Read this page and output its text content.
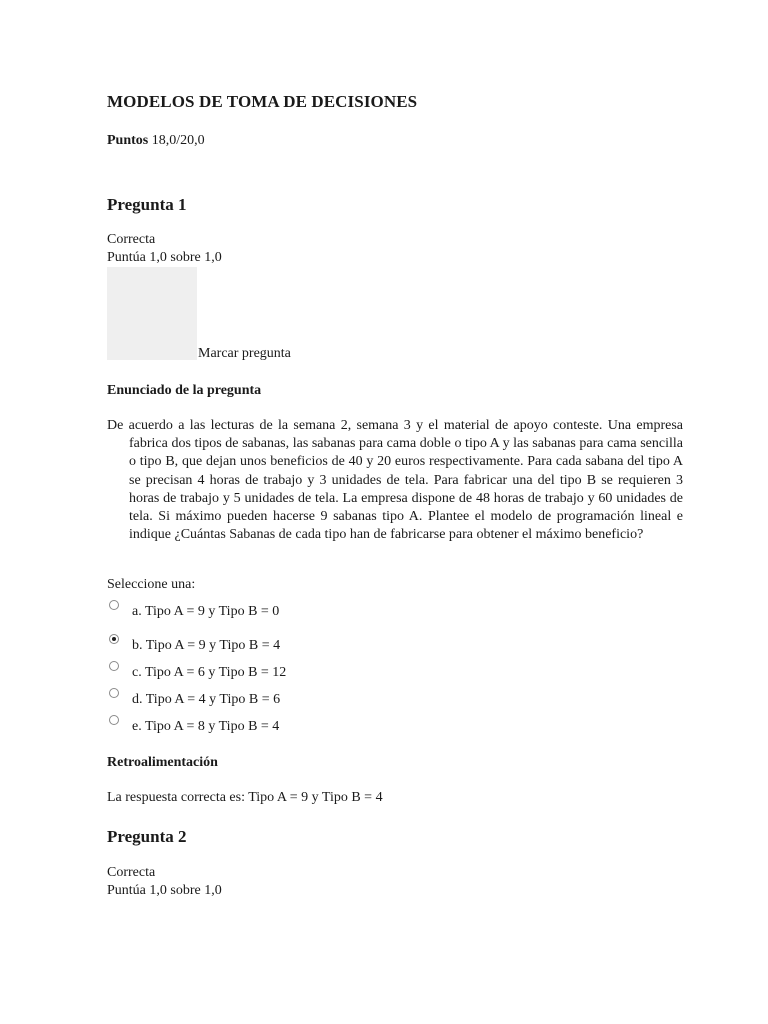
MODELOS DE TOMA DE DECISIONES
Puntos 18,0/20,0
Pregunta 1
Correcta
Puntúa 1,0 sobre 1,0
Marcar pregunta
Enunciado de la pregunta
De acuerdo a las lecturas de la semana 2, semana 3 y el material de apoyo conteste. Una empresa fabrica dos tipos de sabanas, las sabanas para cama doble o tipo A y las sabanas para cama sencilla o tipo B, que dejan unos beneficios de 40 y 20 euros respectivamente. Para cada sabana del tipo A se precisan 4 horas de trabajo y 3 unidades de tela. Para fabricar una del tipo B se requieren 3 horas de trabajo y 5 unidades de tela. La empresa dispone de 48 horas de trabajo y 60 unidades de tela. Si máximo pueden hacerse 9 sabanas tipo A. Plantee el modelo de programación lineal e indique ¿Cuántas Sabanas de cada tipo han de fabricarse para obtener el máximo beneficio?
Seleccione una:
a. Tipo A = 9 y Tipo B = 0
b. Tipo A = 9 y Tipo B = 4
c. Tipo A = 6 y Tipo B = 12
d. Tipo A = 4 y Tipo B = 6
e. Tipo A = 8 y Tipo B = 4
Retroalimentación
La respuesta correcta es: Tipo A = 9 y Tipo B = 4
Pregunta 2
Correcta
Puntúa 1,0 sobre 1,0
